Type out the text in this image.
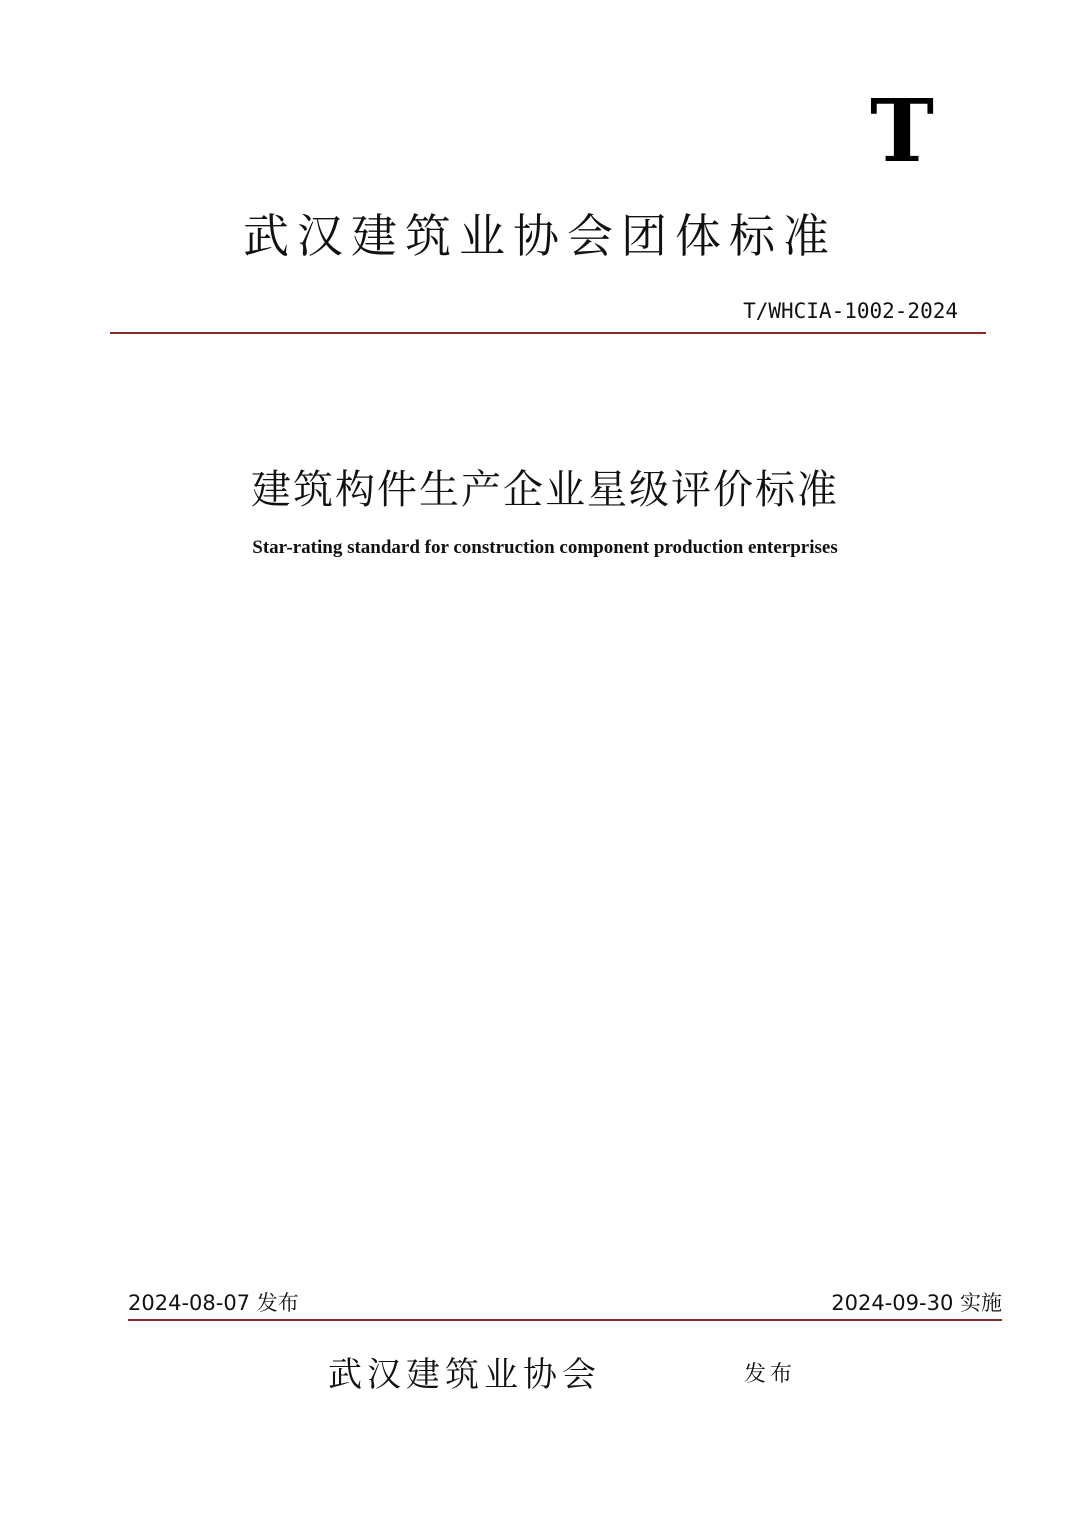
T
武汉建筑业协会团体标准
T/WHCIA-1002-2024
建筑构件生产企业星级评价标准
Star-rating standard for construction component production enterprises
2024-08-07 发布	2024-09-30 实施
武汉建筑业协会	发布
